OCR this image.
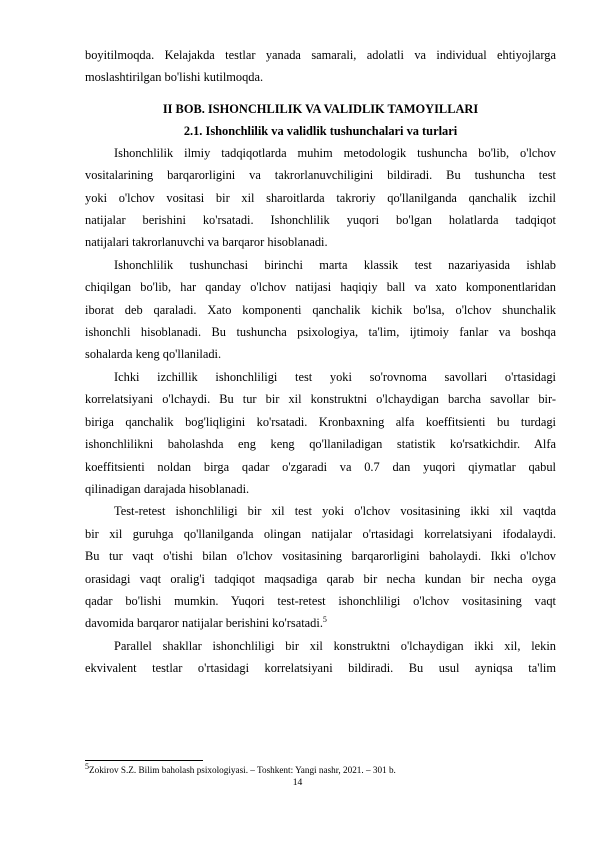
boyitilmoqda. Kelajakda testlar yanada samarali, adolatli va individual ehtiyojlarga

moslashtirilgan bo'lishi kutilmoqda.

II BOB. ISHONCHLILIK VA VALIDLIK TAMOYILLARI
2.1. Ishonchlilik va validlik tushunchalari va turlari

Ishonchlilik ilmiy tadqiqotlarda muhim metodologik tushuncha bo'lib, o'lchov

vositalarining barqarorligini va takrorlanuvchiligini bildiradi. Bu tushuncha test

yoki o'lchov vositasi bir xil sharoitlarda takroriy qo'llanilganda qanchalik izchil

natijalar berishini ko'rsatadi. Ishonchlilik yuqori bo'lgan holatlarda tadqiqot

natijalari takrorlanuvchi va barqaror hisoblanadi.

Ishonchlilik tushunchasi birinchi marta klassik test nazariyasida ishlab

chiqilgan bo'lib, har qanday o'lchov natijasi haqiqiy ball va xato komponentlaridan

iborat deb qaraladi. Xato komponenti qanchalik kichik bo'lsa, o'lchov shunchalik

ishonchli hisoblanadi. Bu tushuncha psixologiya, ta'lim, ijtimoiy fanlar va boshqa

sohalarda keng qo'llaniladi.

Ichki izchillik ishonchliligi test yoki so'rovnoma savollari o'rtasidagi

korrelatsiyani o'lchaydi. Bu tur bir xil konstruktni o'lchaydigan barcha savollar bir-

biriga qanchalik bog'liqligini ko'rsatadi. Kronbaxning alfa koeffitsienti bu turdagi

ishonchlilikni baholashda eng keng qo'llaniladigan statistik ko'rsatkichdir. Alfa

koeffitsienti noldan birga qadar o'zgaradi va 0.7 dan yuqori qiymatlar qabul

qilinadigan darajada hisoblanadi.

Test-retest ishonchliligi bir xil test yoki o'lchov vositasining ikki xil vaqtda

bir xil guruhga qo'llanilganda olingan natijalar o'rtasidagi korrelatsiyani ifodalaydi.

Bu tur vaqt o'tishi bilan o'lchov vositasining barqarorligini baholaydi. Ikki o'lchov

orasidagi vaqt oralig'i tadqiqot maqsadiga qarab bir necha kundan bir necha oyga

qadar bo'lishi mumkin. Yuqori test-retest ishonchliligi o'lchov vositasining vaqt

davomida barqaror natijalar berishini ko'rsatadi.$^5$

Parallel shakllar ishonchliligi bir xil konstruktni o'lchaydigan ikki xil, lekin

ekvivalent testlar o'rtasidagi korrelatsiyani bildiradi. Bu usul ayniqsa ta'lim

$^5$Zokirov S.Z. Bilim baholash psixologiyasi. – Toshkent: Yangi nashr, 2021. – 301 b.
14
